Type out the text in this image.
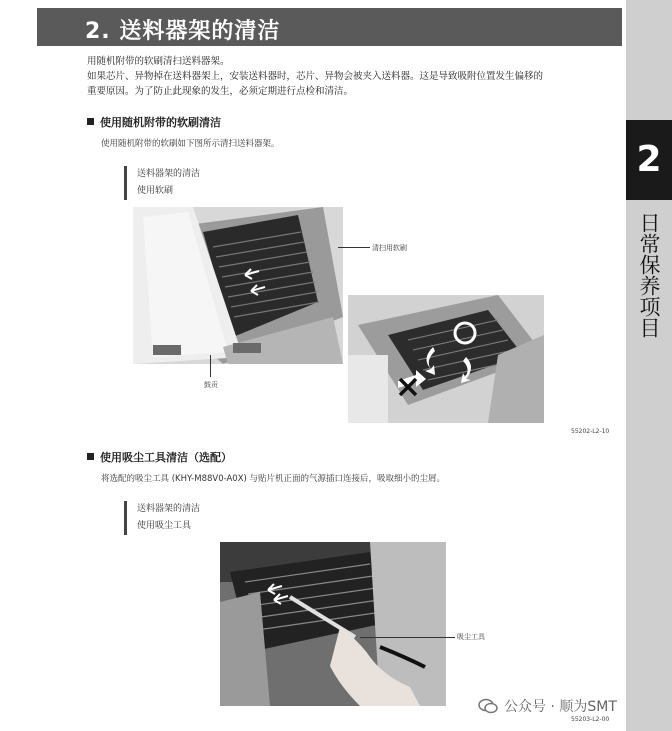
2
日常保养项目
2. 送料器架的清洁
用随机附带的软刷清扫送料器架。
如果芯片、异物掉在送料器架上，安装送料器时，芯片、异物会被夹入送料器。这是导致吸附位置发生偏移的
重要原因。为了防止此现象的发生，必须定期进行点检和清洁。
使用随机附带的软刷清洁
使用随机附带的软刷如下图所示清扫送料器架。
送料器架的清洁
使用软刷
清扫用软刷
鼓贡
55202-L2-10
使用吸尘工具清洁（选配）
将选配的吸尘工具 (KHY-M88V0-A0X) 与贴片机正面的气源插口连接后，吸取细小的尘屑。
送料器架的清洁
使用吸尘工具
吸尘工具
55203-L2-00
公众号 · 顺为SMT
